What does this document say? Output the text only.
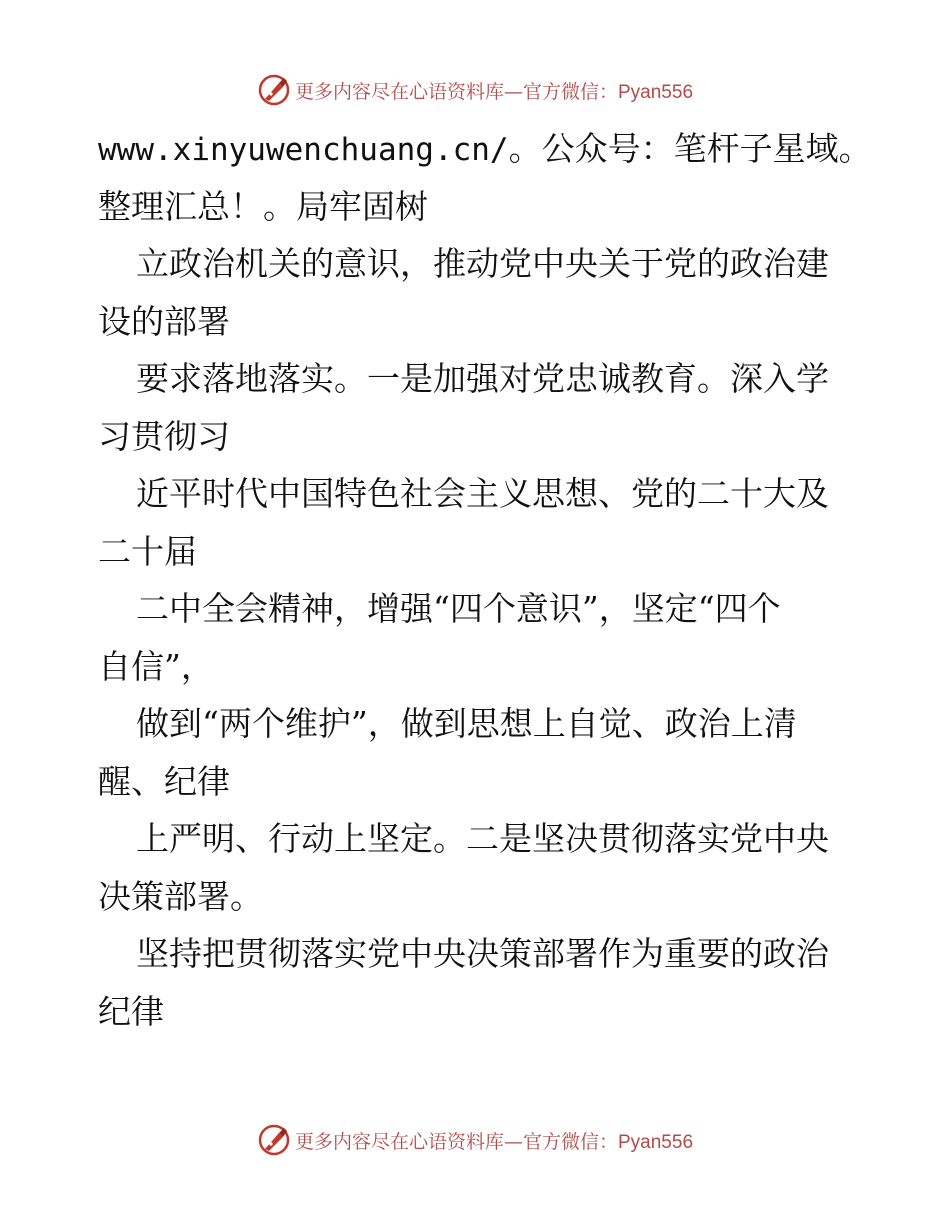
更多内容尽在心语资料库—官方微信：Pyan556
www.xinyuwenchuang.cn/。公众号：笔杆子星域。
整理汇总！。局牢固树
立政治机关的意识，推动党中央关于党的政治建
设的部署
要求落地落实。一是加强对党忠诚教育。深入学
习贯彻习
近平时代中国特色社会主义思想、党的二十大及
二十届
二中全会精神，增强“四个意识”，坚定“四个
自信”，
做到“两个维护”，做到思想上自觉、政治上清
醒、纪律
上严明、行动上坚定。二是坚决贯彻落实党中央
决策部署。
坚持把贯彻落实党中央决策部署作为重要的政治
纪律
更多内容尽在心语资料库—官方微信：Pyan556
